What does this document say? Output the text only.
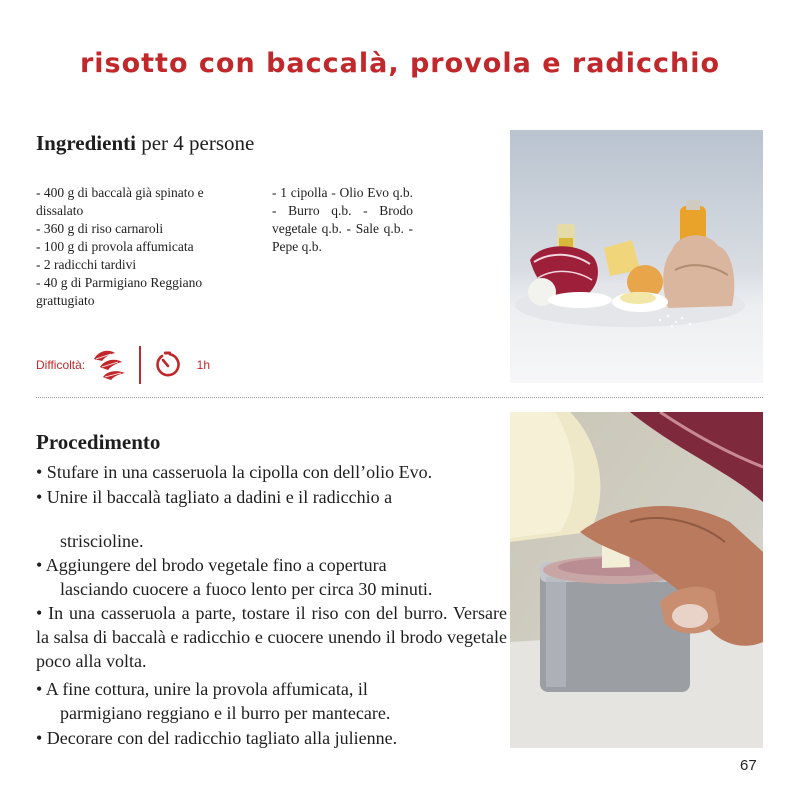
risotto con baccalà, provola e radicchio
Ingredienti per 4 persone
- 400 g di baccalà già spinato e dissalato
- 360 g di riso carnaroli
- 100 g di provola affumicata
- 2 radicchi tardivi
- 40 g di Parmigiano Reggiano grattugiato
- 1 cipolla - Olio Evo q.b. - Burro q.b. - Brodo vegetale q.b. - Sale q.b. -Pepe q.b.
Difficoltà:	1h
Procedimento
• Stufare in una casseruola la cipolla con dell’olio Evo.
• Unire il baccalà tagliato a dadini e il radicchio a
striscioline.
• Aggiungere del brodo vegetale fino a copertura
lasciando cuocere a fuoco lento per circa 30 minuti.
• In una casseruola a parte, tostare il riso con del burro. Versare la salsa di baccalà e radicchio e cuocere unendo il brodo vegetale poco alla volta.
• A fine cottura, unire la provola affumicata, il
parmigiano reggiano e il burro per mantecare.
• Decorare con del radicchio tagliato alla julienne.
67
